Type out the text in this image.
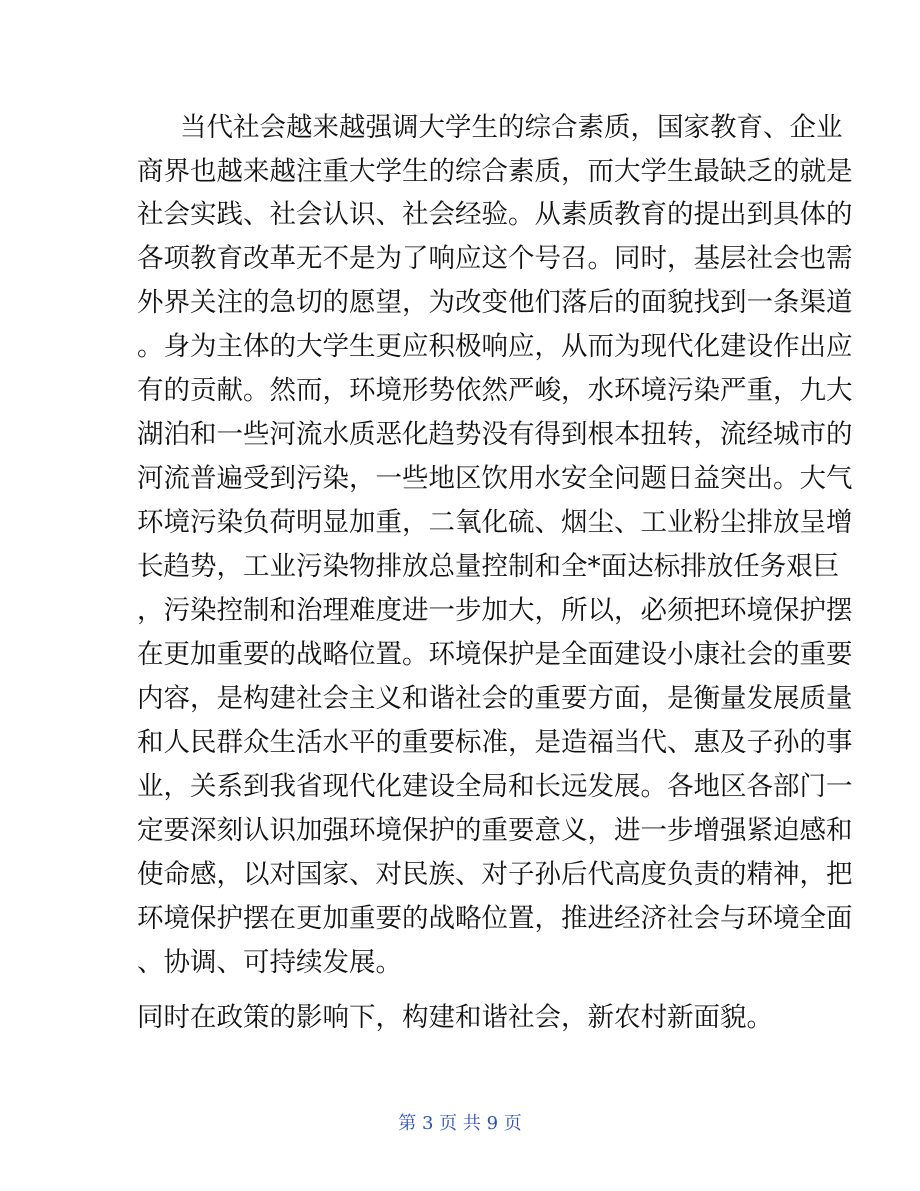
当代社会越来越强调大学生的综合素质，国家教育、企业
商界也越来越注重大学生的综合素质，而大学生最缺乏的就是
社会实践、社会认识、社会经验。从素质教育的提出到具体的
各项教育改革无不是为了响应这个号召。同时，基层社会也需
外界关注的急切的愿望，为改变他们落后的面貌找到一条渠道
。身为主体的大学生更应积极响应，从而为现代化建设作出应
有的贡献。然而，环境形势依然严峻，水环境污染严重，九大
湖泊和一些河流水质恶化趋势没有得到根本扭转，流经城市的
河流普遍受到污染，一些地区饮用水安全问题日益突出。大气
环境污染负荷明显加重，二氧化硫、烟尘、工业粉尘排放呈增
长趋势，工业污染物排放总量控制和全*面达标排放任务艰巨
，污染控制和治理难度进一步加大，所以，必须把环境保护摆
在更加重要的战略位置。环境保护是全面建设小康社会的重要
内容，是构建社会主义和谐社会的重要方面，是衡量发展质量
和人民群众生活水平的重要标准，是造福当代、惠及子孙的事
业，关系到我省现代化建设全局和长远发展。各地区各部门一
定要深刻认识加强环境保护的重要意义，进一步增强紧迫感和
使命感，以对国家、对民族、对子孙后代高度负责的精神，把
环境保护摆在更加重要的战略位置，推进经济社会与环境全面
、协调、可持续发展。
同时在政策的影响下，构建和谐社会，新农村新面貌。
第 3 页 共 9 页
